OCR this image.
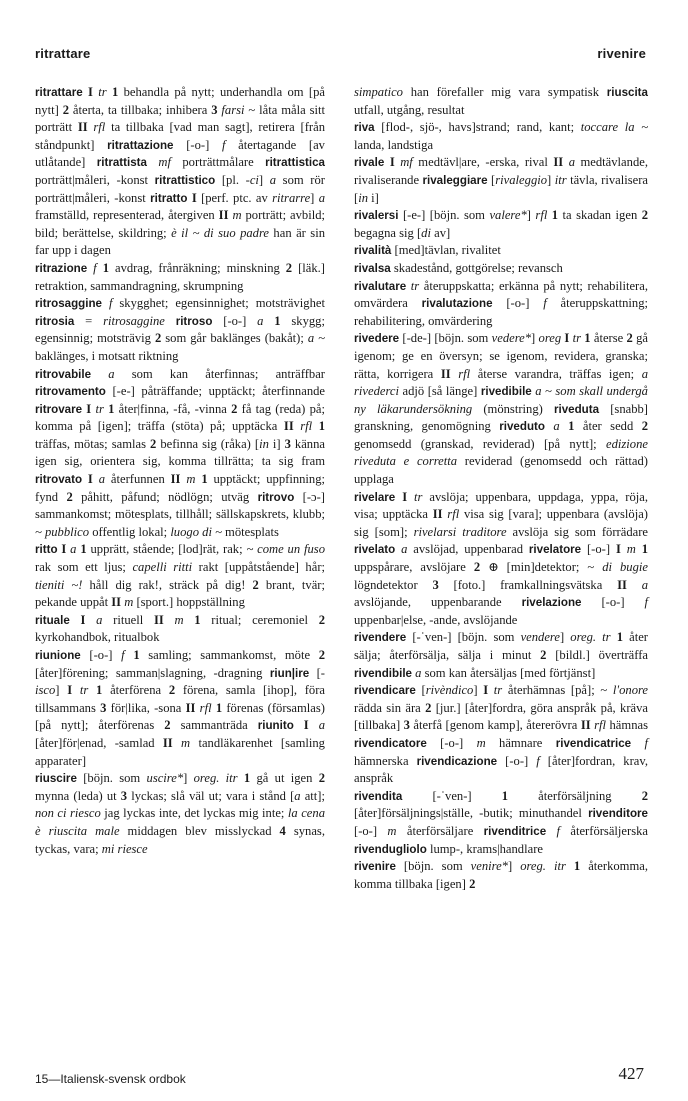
ritrattare	rivenire

ritrattare I tr 1 behandla på nytt; underhandla om [på nytt] 2 återta, ta tillbaka; inhibera 3 farsi ~ låta måla sitt porträtt II rfl ta tillbaka [vad man sagt], retirera [från ståndpunkt] ritrattazione [-o-] f återtagande [av utlåtande] ritrattista mf porträttmålare ritrattistica porträtt|måleri, -konst ritrattistico [pl. -ci] a som rör porträtt|måleri, -konst ritratto I [perf. ptc. av ritrarre] a framställd, representerad, återgiven II m porträtt; avbild; bild; berättelse, skildring; è il ~ di suo padre han är sin far upp i dagen

ritrazione f 1 avdrag, frånräkning; minskning 2 [läk.] retraktion, sammandragning, skrumpning

ritrosaggine f skygghet; egensinnighet; motsträvighet ritrosia = ritrosaggine ritroso [-o-] a 1 skygg; egensinnig; motsträvig 2 som går baklänges (bakåt); a ~ baklänges, i motsatt riktning

ritrovabile a som kan återfinnas; anträffbar ritrovamento [-e-] påträffande; upptäckt; återfinnande ritrovare I tr 1 åter|finna, -få, -vinna 2 få tag (reda) på; komma på [igen]; träffa (stöta) på; upptäcka II rfl 1 träffas, mötas; samlas 2 befinna sig (råka) [in i] 3 känna igen sig, orientera sig, komma tillrätta; ta sig fram ritrovato I a återfunnen II m 1 upptäckt; uppfinning; fynd 2 påhitt, påfund; nödlögn; utväg ritrovo [-ɔ-] sammankomst; mötesplats, tillhåll; sällskapskrets, klubb; ~ pubblico offentlig lokal; luogo di ~ mötesplats

ritto I a 1 upprätt, stående; [lod]rät, rak; ~ come un fuso rak som ett ljus; capelli ritti rakt [uppåtstående] hår; tieniti ~! håll dig rak!, sträck på dig! 2 brant, tvär; pekande uppåt II m [sport.] hoppställning

rituale I a rituell II m 1 ritual; ceremoniel 2 kyrkohandbok, ritualbok

riunione [-o-] f 1 samling; sammankomst, möte 2 [åter]förening; samman|slagning, -dragning riun|ire [-isco] I tr 1 återförena 2 förena, samla [ihop], föra tillsammans 3 för|lika, -sona II rfl 1 förenas (församlas) [på nytt]; återförenas 2 sammanträda riunito I a [åter]för|enad, -samlad II m tandläkarenhet [samling apparater]

riuscire [böjn. som uscire*] oreg. itr 1 gå ut igen 2 mynna (leda) ut 3 lyckas; slå väl ut; vara i stånd [a att]; non ci riesco jag lyckas inte, det lyckas mig inte; la cena è riuscita male middagen blev misslyckad 4 synas, tyckas, vara; mi riesce

simpatico han förefaller mig vara sympatisk riuscita utfall, utgång, resultat

riva [flod-, sjö-, havs]strand; rand, kant; toccare la ~ landa, landstiga

rivale I mf medtävl|are, -erska, rival II a medtävlande, rivaliserande rivaleggiare [rivaleggio] itr tävla, rivalisera [in i]

rivalersi [-e-] [böjn. som valere*] rfl 1 ta skadan igen 2 begagna sig [di av]

rivalità [med]tävlan, rivalitet

rivalsa skadestånd, gottgörelse; revansch

rivalutare tr återuppskatta; erkänna på nytt; rehabilitera, omvärdera rivalutazione [-o-] f återuppskattning; rehabilitering, omvärdering

rivedere [-de-] [böjn. som vedere*] oreg I tr 1 återse 2 gå igenom; ge en översyn; se igenom, revidera, granska; rätta, korrigera II rfl återse varandra, träffas igen; a rivederci adjö [så länge] rivedibile a ~ som skall undergå ny läkarundersökning (mönstring) riveduta [snabb] granskning, genomögning riveduto a 1 åter sedd 2 genomsedd (granskad, reviderad) [på nytt]; edizione riveduta e corretta reviderad (genomsedd och rättad) upplaga

rivelare I tr avslöja; uppenbara, uppdaga, yppa, röja, visa; upptäcka II rfl visa sig [vara]; uppenbara (avslöja) sig [som]; rivelarsi traditore avslöja sig som förrädare rivelato a avslöjad, uppenbarad rivelatore [-o-] I m 1 uppspårare, avslöjare 2 ⊕ [min]detektor; ~ di bugie lögndetektor 3 [foto.] framkallningsvätska II a avslöjande, uppenbarande rivelazione [-o-] f uppenbar|else, -ande, avslöjande

rivendere [-ˈven-] [böjn. som vendere] oreg. tr 1 åter sälja; återförsälja, sälja i minut 2 [bildl.] överträffa rivendibile a som kan återsäljas [med förtjänst]

rivendicare [rivèndico] I tr återhämnas [på]; ~ l'onore rädda sin ära 2 [jur.] [åter]fordra, göra anspråk på, kräva [tillbaka] 3 återfå [genom kamp], återerövra II rfl hämnas rivendicatore [-o-] m hämnare rivendicatrice f hämnerska rivendicazione [-o-] f [åter]fordran, krav, anspråk

rivendita [-ˈven-] 1 återförsäljning 2 [åter]försäljnings|ställe, -butik; minuthandel rivenditore [-o-] m återförsäljare rivenditrice f återförsäljerska rivendugliolo lump-, krams|handlare

rivenire [böjn. som venire*] oreg. itr 1 återkomma, komma tillbaka [igen] 2

15—Italiensk-svensk ordbok	427
